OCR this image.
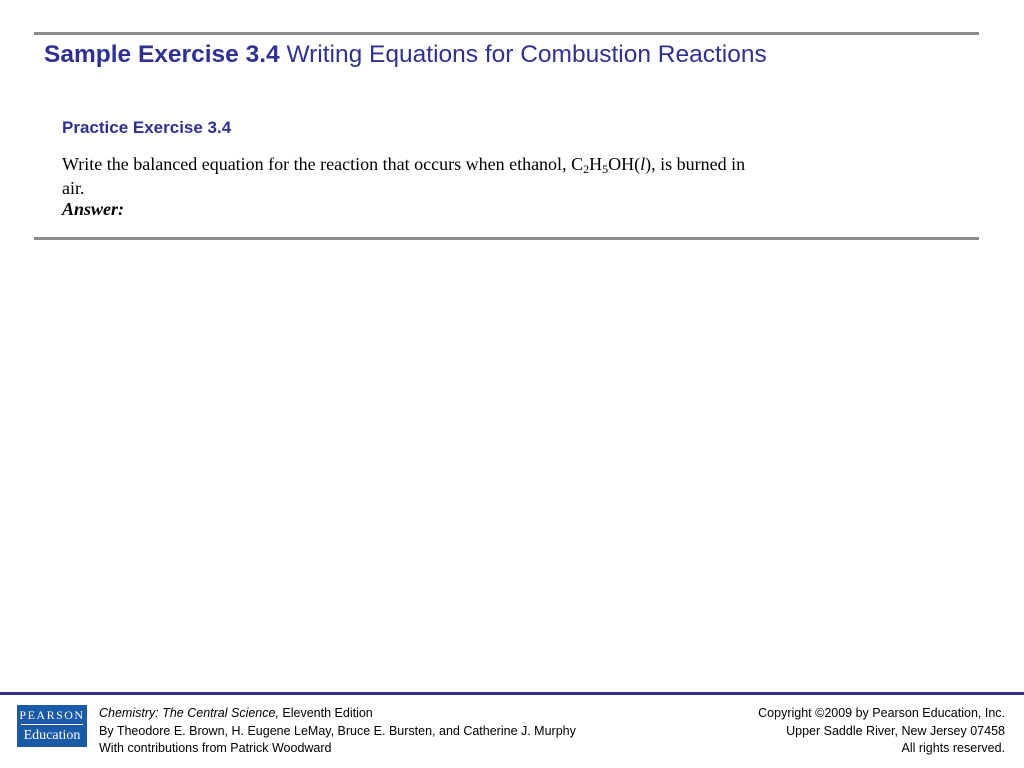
Sample Exercise 3.4 Writing Equations for Combustion Reactions
Practice Exercise 3.4

Write the balanced equation for the reaction that occurs when ethanol, $C_2H_5OH(l)$, is burned in air.

Answer:

PEARSON
Education
Chemistry: The Central Science, Eleventh Edition
By Theodore E. Brown, H. Eugene LeMay, Bruce E. Bursten, and Catherine J. Murphy
With contributions from Patrick Woodward
Copyright ©2009 by Pearson Education, Inc.
Upper Saddle River, New Jersey 07458
All rights reserved.
